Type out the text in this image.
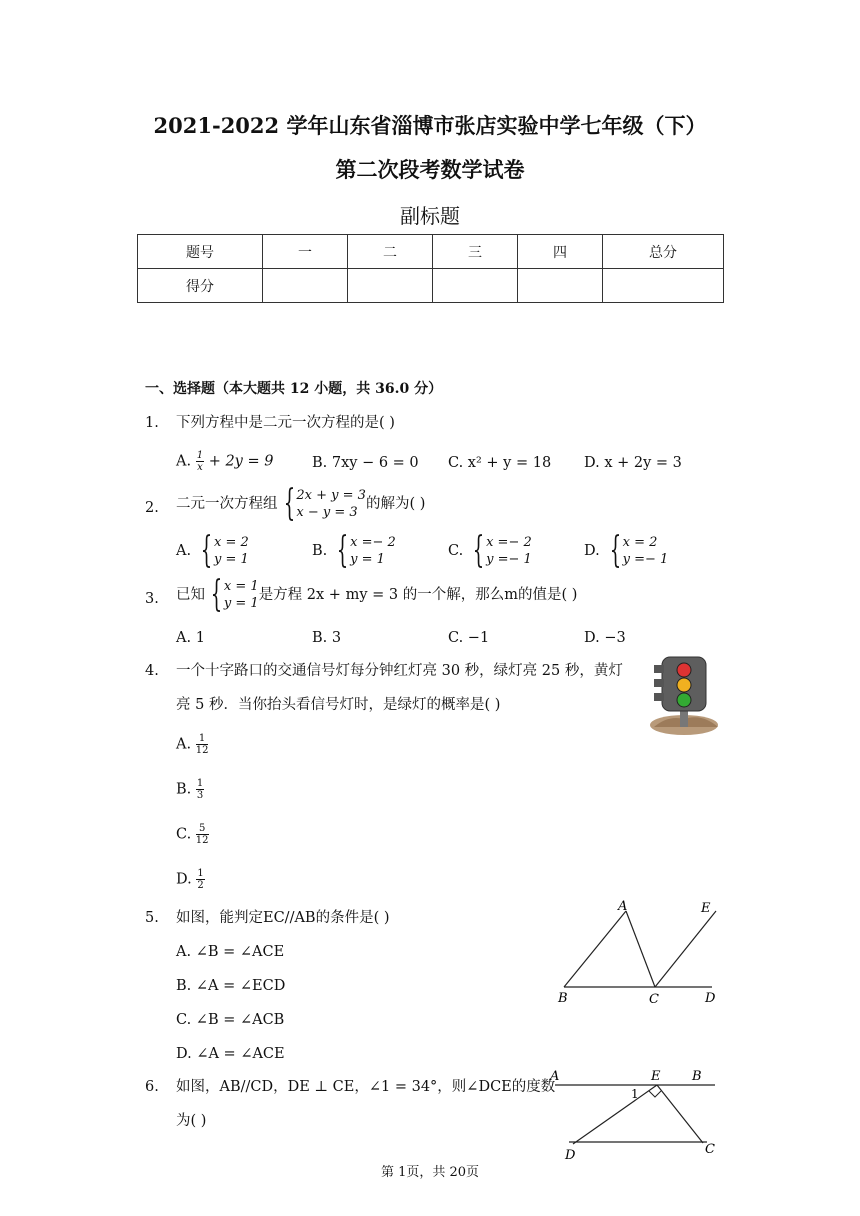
2021-2022 学年山东省淄博市张店实验中学七年级（下）
第二次段考数学试卷
副标题
题号	一	二	三	四	总分
得分					
一、选择题（本大题共 12 小题，共 36.0 分）
1. 下列方程中是二元一次方程的是( )
A. $\frac{1}{x} + 2y = 9$	B. 7xy − 6 = 0 C. x² + y = 18 D. x + 2y = 3
2. 二元一次方程组 { 2x + y = 3
x − y = 3
的解为( )
A. { x = 2
y = 1
B. { x =− 2
y = 1
C. { x =− 2
y =− 1
D. { x = 2
y =− 1
3. 已知 { x = 1
y = 1
是方程 2x + my = 3 的一个解，那么m的值是( )
A. 1	B. 3	C. −1	D. −3
4. 一个十字路口的交通信号灯每分钟红灯亮 30 秒，绿灯亮 25 秒，黄灯
亮 5 秒．当你抬头看信号灯时，是绿灯的概率是( )
A. $\frac{1}{12}$
B. $\frac{1}{3}$
C. $\frac{5}{12}$
D. $\frac{1}{2}$
5. 如图，能判定EC//AB的条件是( )
A. ∠B = ∠ACE
B. ∠A = ∠ECD
C. ∠B = ∠ACB
D. ∠A = ∠ACE
A
B	C	D
E
6. 如图，AB//CD，DE ⊥ CE，∠1 = 34°，则∠DCE的度数
为( )
A	E B
1
D	C
第 1页，共 20页
